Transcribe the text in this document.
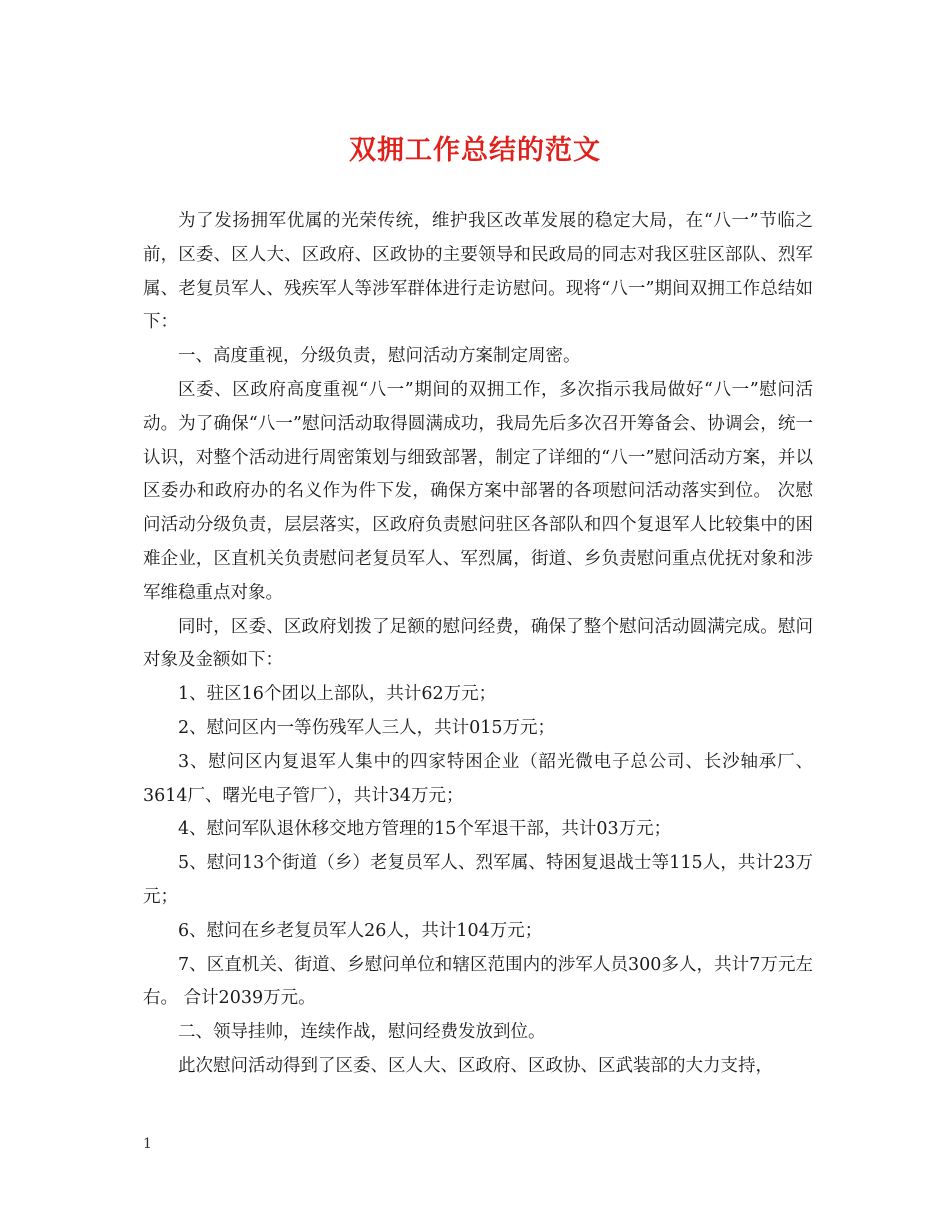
双拥工作总结的范文

为了发扬拥军优属的光荣传统，维护我区改革发展的稳定大局，在“八一”节临之前，区委、区人大、区政府、区政协的主要领导和民政局的同志对我区驻区部队、烈军属、老复员军人、残疾军人等涉军群体进行走访慰问。现将“八一”期间双拥工作总结如下：

一、高度重视，分级负责，慰问活动方案制定周密。

区委、区政府高度重视“八一”期间的双拥工作，多次指示我局做好“八一”慰问活动。为了确保“八一”慰问活动取得圆满成功，我局先后多次召开筹备会、协调会，统一认识，对整个活动进行周密策划与细致部署，制定了详细的“八一”慰问活动方案，并以区委办和政府办的名义作为件下发，确保方案中部署的各项慰问活动落实到位。 次慰问活动分级负责，层层落实，区政府负责慰问驻区各部队和四个复退军人比较集中的困难企业，区直机关负责慰问老复员军人、军烈属，街道、乡负责慰问重点优抚对象和涉军维稳重点对象。

同时，区委、区政府划拨了足额的慰问经费，确保了整个慰问活动圆满完成。慰问对象及金额如下：

1、驻区16个团以上部队，共计62万元；

2、慰问区内一等伤残军人三人，共计015万元；

3、慰问区内复退军人集中的四家特困企业（韶光微电子总公司、长沙轴承厂、3614厂、曙光电子管厂），共计34万元；

4、慰问军队退休移交地方管理的15个军退干部，共计03万元；

5、慰问13个街道（乡）老复员军人、烈军属、特困复退战士等115人，共计23万元；

6、慰问在乡老复员军人26人，共计104万元；

7、区直机关、街道、乡慰问单位和辖区范围内的涉军人员300多人，共计7万元左右。 合计2039万元。

二、领导挂帅，连续作战，慰问经费发放到位。

此次慰问活动得到了区委、区人大、区政府、区政协、区武装部的大力支持，

1
